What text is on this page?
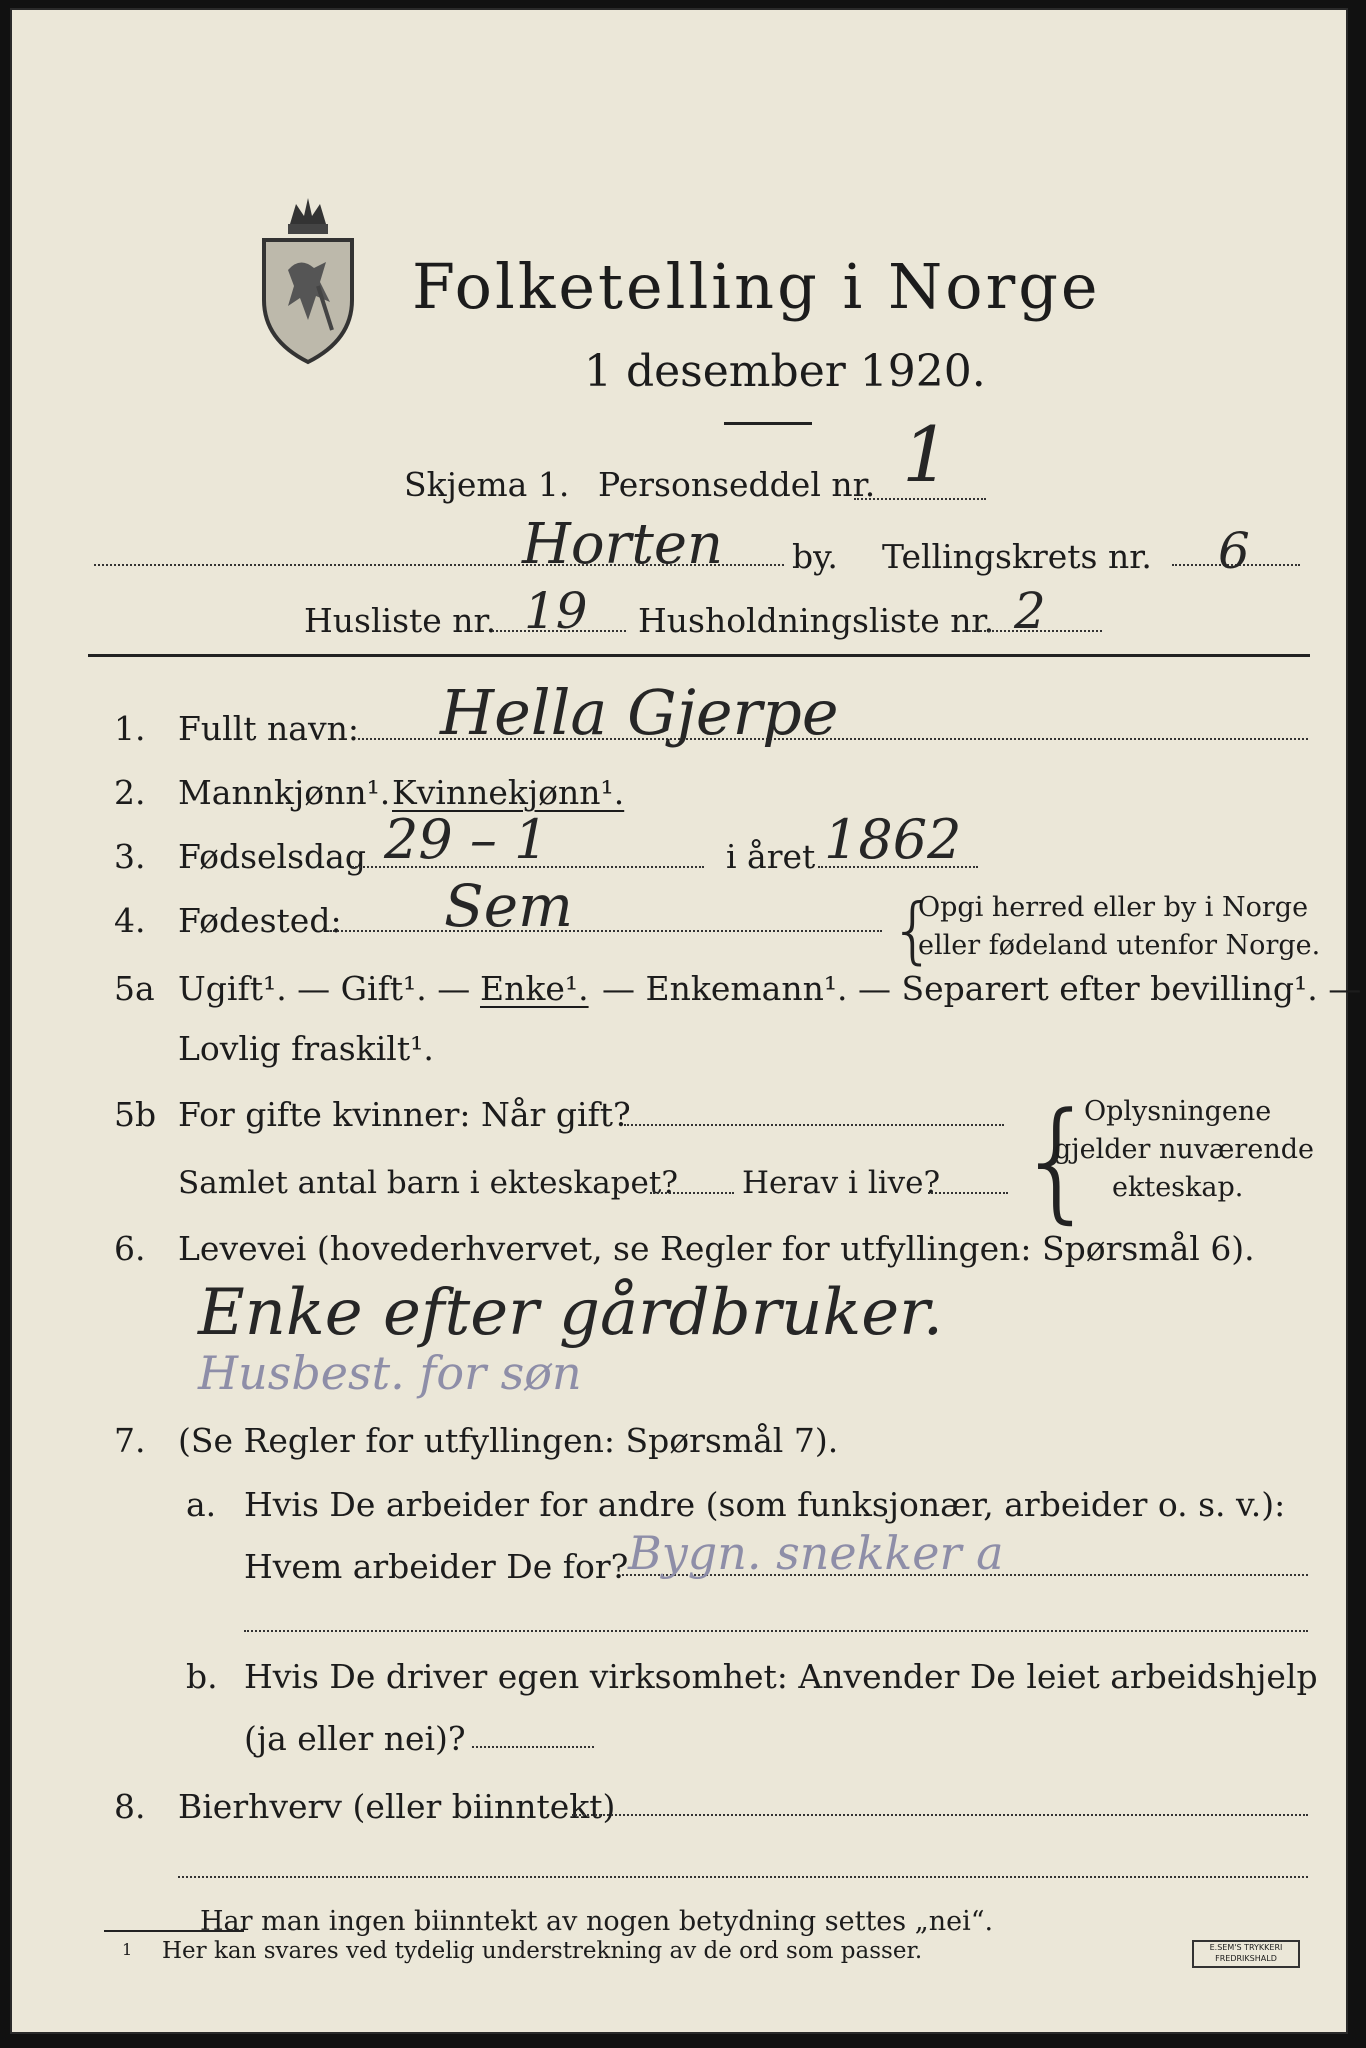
Folketelling i Norge
1 desember 1920.
Skjema 1. Personseddel nr. 1
Horten by. Tellingskrets nr. 6
Husliste nr. 19 Husholdningsliste nr. 2
1. Fullt navn: Hella Gjerpe
2. Mannkjønn¹. Kvinnekjønn¹.
3. Fødselsdag 29 – 1	i året 1862
4. Fødested: Sem	{
Opgi herred eller by i Norge
eller fødeland utenfor Norge.
5a Ugift¹. — Gift¹. — Enke¹. — Enkemann¹. — Separert efter bevilling¹. —
Lovlig fraskilt¹.
5b For gifte kvinner: Når gift?
Samlet antal barn i ekteskapet? Herav i live? {
Oplysningene
gjelder nuværende
ekteskap.
6. Levevei (hovederhvervet, se Regler for utfyllingen: Spørsmål 6).
Enke efter gårdbruker.
Husbest. for søn
7. (Se Regler for utfyllingen: Spørsmål 7).
a. Hvis De arbeider for andre (som funksjonær, arbeider o. s. v.):
Hvem arbeider De for? Bygn. snekker a
b. Hvis De driver egen virksomhet: Anvender De leiet arbeidshjelp
(ja eller nei)?
8. Bierhverv (eller biinntekt)
Har man ingen biinntekt av nogen betydning settes „nei“.
1 Her kan svares ved tydelig understrekning av de ord som passer.	E.SEM'S TRYKKERI
FREDRIKSHALD
